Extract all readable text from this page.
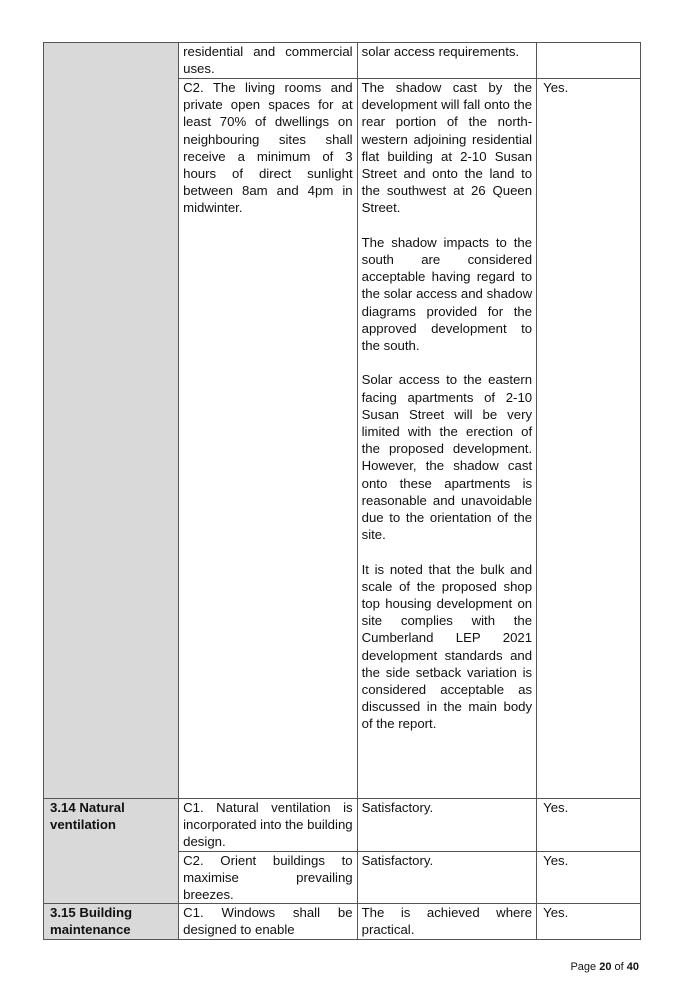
	residential and commercial uses.	solar access requirements.	
	C2. The living rooms and private open spaces for at least 70% of dwellings on neighbouring sites shall receive a minimum of 3 hours of direct sunlight between 8am and 4pm in midwinter.	The shadow cast by the development will fall onto the rear portion of the north-western adjoining residential flat building at 2-10 Susan Street and onto the land to the southwest at 26 Queen Street.

The shadow impacts to the south are considered acceptable having regard to the solar access and shadow diagrams provided for the approved development to the south.

Solar access to the eastern facing apartments of 2-10 Susan Street will be very limited with the erection of the proposed development. However, the shadow cast onto these apartments is reasonable and unavoidable due to the orientation of the site.

It is noted that the bulk and scale of the proposed shop top housing development on site complies with the Cumberland LEP 2021 development standards and the side setback variation is considered acceptable as discussed in the main body of the report.	Yes.
3.14 Natural ventilation	C1. Natural ventilation is incorporated into the building design.	Satisfactory.	Yes.
	C2. Orient buildings to maximise prevailing breezes.	Satisfactory.	Yes.
3.15 Building maintenance	C1. Windows shall be designed to enable	The is achieved where practical.	Yes.
Page 20 of 40
